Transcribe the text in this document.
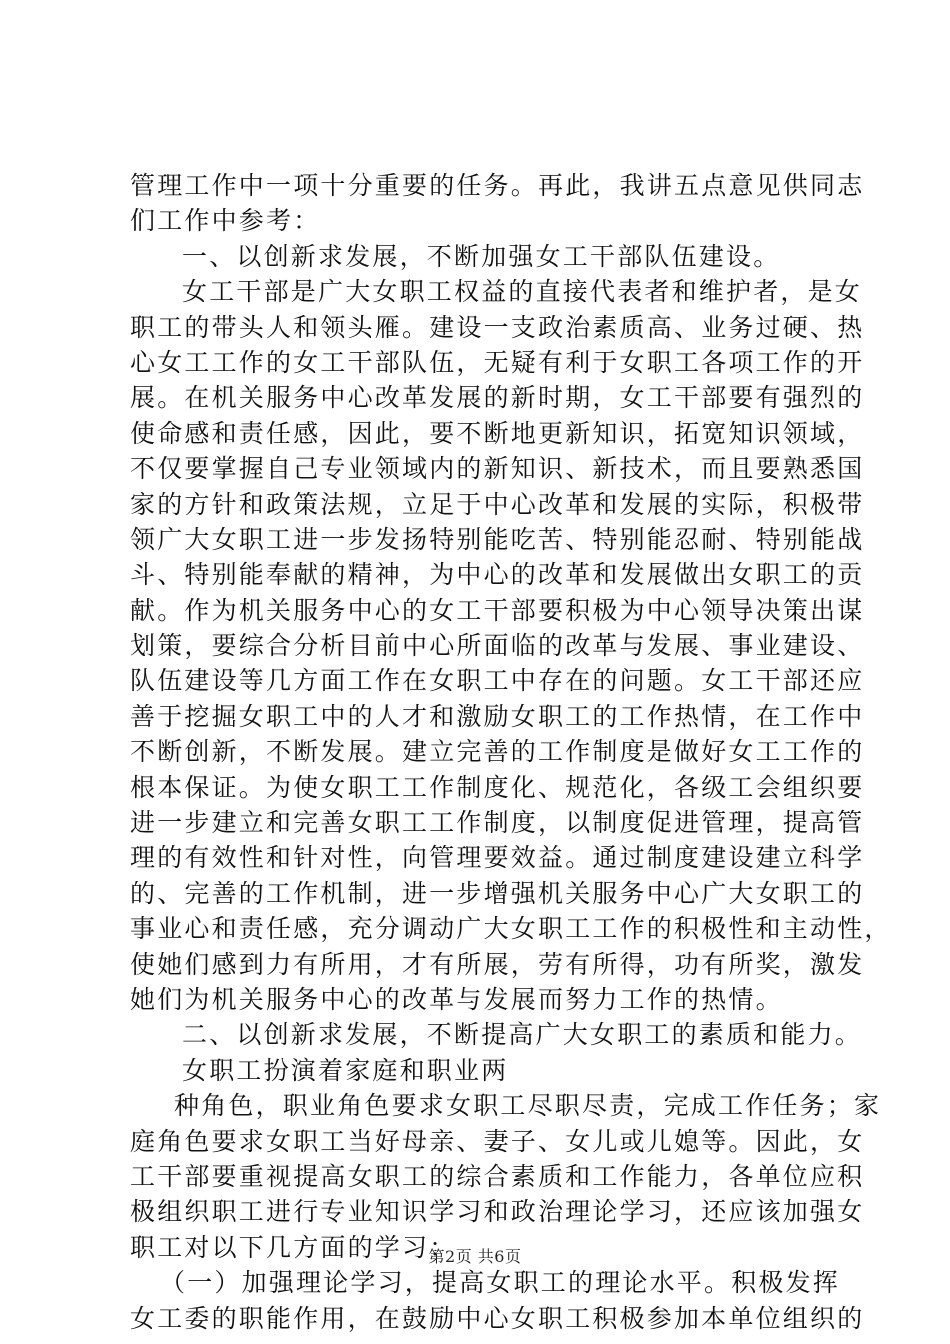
管理工作中一项十分重要的任务。再此，我讲五点意见供同志
们工作中参考：
一、以创新求发展，不断加强女工干部队伍建设。
女工干部是广大女职工权益的直接代表者和维护者，是女
职工的带头人和领头雁。建设一支政治素质高、业务过硬、热
心女工工作的女工干部队伍，无疑有利于女职工各项工作的开
展。在机关服务中心改革发展的新时期，女工干部要有强烈的
使命感和责任感，因此，要不断地更新知识，拓宽知识领域，
不仅要掌握自己专业领域内的新知识、新技术，而且要熟悉国
家的方针和政策法规，立足于中心改革和发展的实际，积极带
领广大女职工进一步发扬特别能吃苦、特别能忍耐、特别能战
斗、特别能奉献的精神，为中心的改革和发展做出女职工的贡
献。作为机关服务中心的女工干部要积极为中心领导决策出谋
划策，要综合分析目前中心所面临的改革与发展、事业建设、
队伍建设等几方面工作在女职工中存在的问题。女工干部还应
善于挖掘女职工中的人才和激励女职工的工作热情，在工作中
不断创新，不断发展。建立完善的工作制度是做好女工工作的
根本保证。为使女职工工作制度化、规范化，各级工会组织要
进一步建立和完善女职工工作制度，以制度促进管理，提高管
理的有效性和针对性，向管理要效益。通过制度建设建立科学
的、完善的工作机制，进一步增强机关服务中心广大女职工的
事业心和责任感，充分调动广大女职工工作的积极性和主动性，
使她们感到力有所用，才有所展，劳有所得，功有所奖，激发
她们为机关服务中心的改革与发展而努力工作的热情。
二、以创新求发展，不断提高广大女职工的素质和能力。
女职工扮演着家庭和职业两
种角色，职业角色要求女职工尽职尽责，完成工作任务；家
庭角色要求女职工当好母亲、妻子、女儿或儿媳等。因此，女
工干部要重视提高女职工的综合素质和工作能力，各单位应积
极组织职工进行专业知识学习和政治理论学习，还应该加强女
职工对以下几方面的学习：
（一）加强理论学习，提高女职工的理论水平。积极发挥
女工委的职能作用，在鼓励中心女职工积极参加本单位组织的
第2页 共6页
